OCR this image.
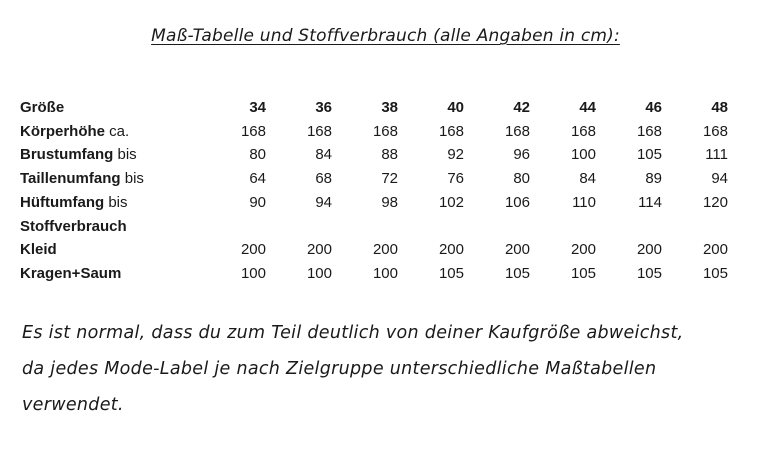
Maß-Tabelle und Stoffverbrauch (alle Angaben in cm):
Größe	34	36	38	40	42	44	46	48
Körperhöhe ca.	168	168	168	168	168	168	168	168
Brustumfang bis	80	84	88	92	96	100	105	111
Taillenumfang bis	64	68	72	76	80	84	89	94
Hüftumfang bis	90	94	98	102	106	110	114	120
Stoffverbrauch								
Kleid	200	200	200	200	200	200	200	200
Kragen+Saum	100	100	100	105	105	105	105	105
Es ist normal, dass du zum Teil deutlich von deiner Kaufgröße abweichst,
da jedes Mode-Label je nach Zielgruppe unterschiedliche Maßtabellen
verwendet.
